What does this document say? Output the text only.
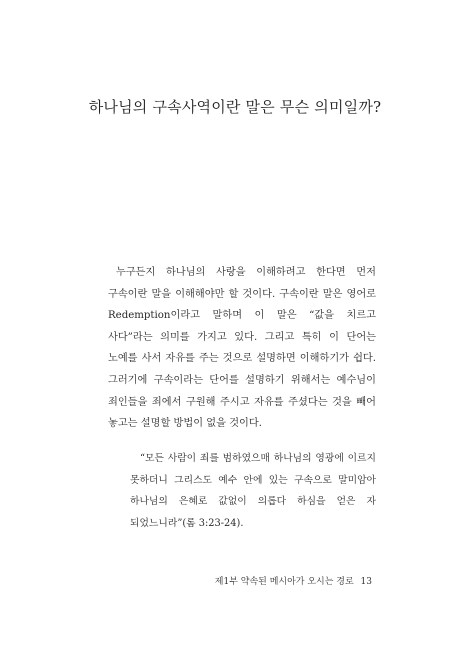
하나님의 구속사역이란 말은 무슨 의미일까?

누구든지 하나님의 사랑을 이해하려고 한다면 먼저 구속이란 말을 이해해야만 할 것이다. 구속이란 말은 영어로 Redemption이라고 말하며 이 말은 “값을 치르고 사다”라는 의미를 가지고 있다. 그리고 특히 이 단어는 노예를 사서 자유를 주는 것으로 설명하면 이해하기가 쉽다. 그러기에 구속이라는 단어를 설명하기 위해서는 예수님이 죄인들을 죄에서 구원해 주시고 자유를 주셨다는 것을 빼어 놓고는 설명할 방법이 없을 것이다.

“모든 사람이 죄를 범하였으매 하나님의 영광에 이르지 못하더니 그리스도 예수 안에 있는 구속으로 말미암아 하나님의 은혜로 값없이 의롭다 하심을 얻은 자 되었느니라”(롬 3:23-24).

제1부 약속된 메시아가 오시는 경로 13
